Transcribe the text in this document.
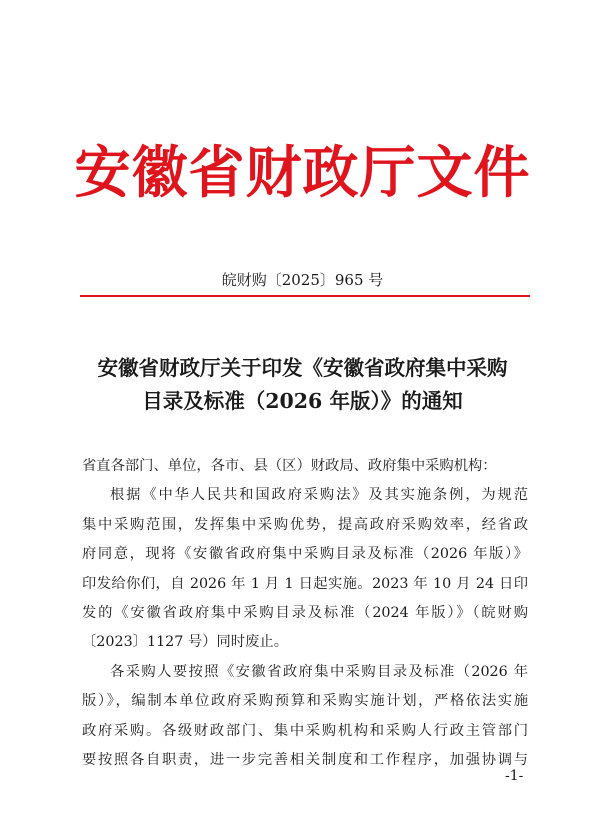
安徽省财政厅文件
皖财购〔2025〕965 号
安徽省财政厅关于印发《安徽省政府集中采购
目录及标准（2026 年版）》的通知

省直各部门、单位，各市、县（区）财政局、政府集中采购机构：

根据《中华人民共和国政府采购法》及其实施条例，为规范
集中采购范围，发挥集中采购优势，提高政府采购效率，经省政
府同意，现将《安徽省政府集中采购目录及标准（2026 年版）》
印发给你们，自 2026 年 1 月 1 日起实施。2023 年 10 月 24 日印
发的《安徽省政府集中采购目录及标准（2024 年版）》（皖财购
〔2023〕1127 号）同时废止。

各采购人要按照《安徽省政府集中采购目录及标准（2026 年
版）》，编制本单位政府采购预算和采购实施计划，严格依法实施
政府采购。各级财政部门、集中采购机构和采购人行政主管部门
要按照各自职责，进一步完善相关制度和工作程序，加强协调与

-1-
